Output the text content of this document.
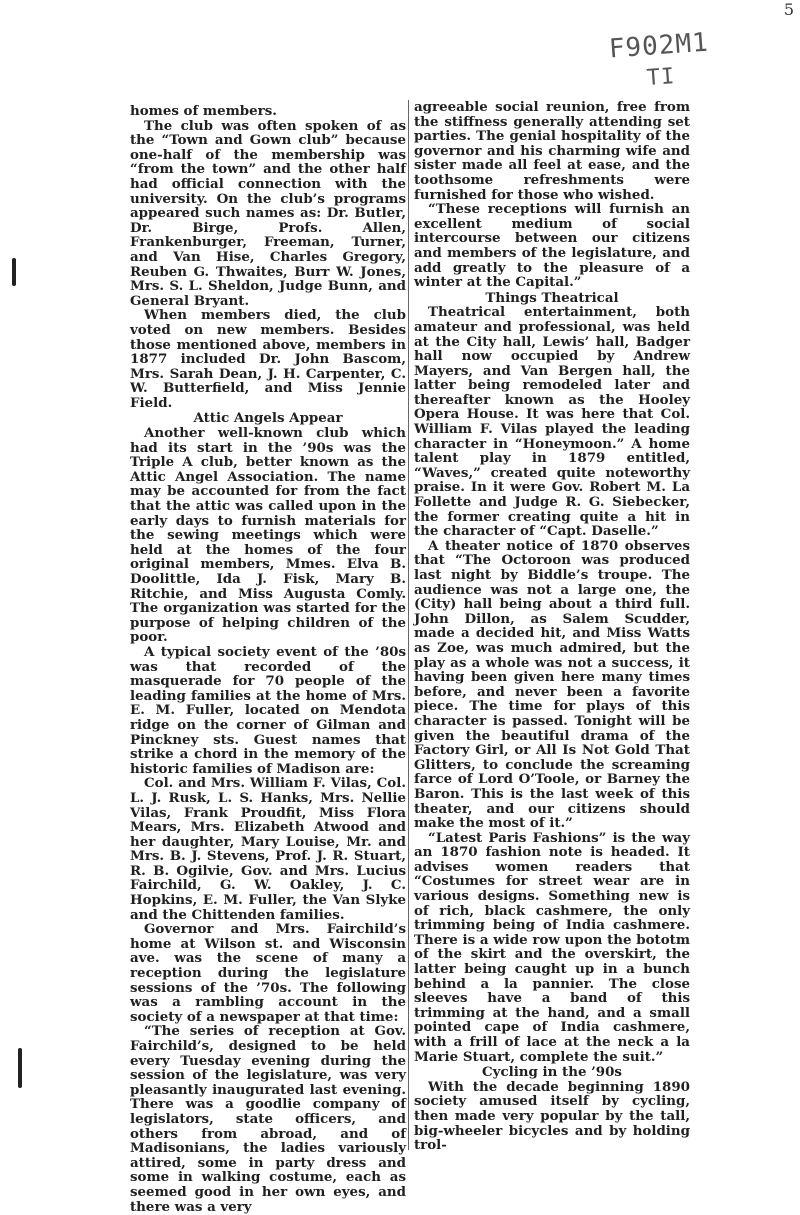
F902M1
TI
5

homes of members.

The club was often spoken of as the “Town and Gown club” because one-half of the membership was “from the town” and the other half had official connection with the university. On the club’s programs appeared such names as: Dr. Butler, Dr. Birge, Profs. Allen, Frankenburger, Freeman, Turner, and Van Hise, Charles Gregory, Reuben G. Thwaites, Burr W. Jones, Mrs. S. L. Sheldon, Judge Bunn, and General Bryant.

When members died, the club voted on new members. Besides those mentioned above, members in 1877 included Dr. John Bascom, Mrs. Sarah Dean, J. H. Carpenter, C. W. Butterfield, and Miss Jennie Field.

Attic Angels Appear

Another well-known club which had its start in the ’90s was the Triple A club, better known as the Attic Angel Association. The name may be accounted for from the fact that the attic was called upon in the early days to furnish materials for the sewing meetings which were held at the homes of the four original members, Mmes. Elva B. Doolittle, Ida J. Fisk, Mary B. Ritchie, and Miss Augusta Comly. The organization was started for the purpose of helping children of the poor.

A typical society event of the ’80s was that recorded of the masquerade for 70 people of the leading families at the home of Mrs. E. M. Fuller, located on Mendota ridge on the corner of Gilman and Pinckney sts. Guest names that strike a chord in the memory of the historic families of Madison are:

Col. and Mrs. William F. Vilas, Col. L. J. Rusk, L. S. Hanks, Mrs. Nellie Vilas, Frank Proudfit, Miss Flora Mears, Mrs. Elizabeth Atwood and her daughter, Mary Louise, Mr. and Mrs. B. J. Stevens, Prof. J. R. Stuart, R. B. Ogilvie, Gov. and Mrs. Lucius Fairchild, G. W. Oakley, J. C. Hopkins, E. M. Fuller, the Van Slyke and the Chittenden families.

Governor and Mrs. Fairchild’s home at Wilson st. and Wisconsin ave. was the scene of many a reception during the legislature sessions of the ’70s. The following was a rambling account in the society of a newspaper at that time:

“The series of reception at Gov. Fairchild’s, designed to be held every Tuesday evening during the session of the legislature, was very pleasantly inaugurated last evening. There was a goodlie company of legislators, state officers, and others from abroad, and of Madisonians, the ladies variously attired, some in party dress and some in walking costume, each as seemed good in her own eyes, and there was a very

agreeable social reunion, free from the stiffness generally attending set parties. The genial hospitality of the governor and his charming wife and sister made all feel at ease, and the toothsome refreshments were furnished for those who wished.

“These receptions will furnish an excellent medium of social intercourse between our citizens and members of the legislature, and add greatly to the pleasure of a winter at the Capital.”

Things Theatrical

Theatrical entertainment, both amateur and professional, was held at the City hall, Lewis’ hall, Badger hall now occupied by Andrew Mayers, and Van Bergen hall, the latter being remodeled later and thereafter known as the Hooley Opera House. It was here that Col. William F. Vilas played the leading character in “Honeymoon.” A home talent play in 1879 entitled, “Waves,” created quite noteworthy praise. In it were Gov. Robert M. La Follette and Judge R. G. Siebecker, the former creating quite a hit in the character of “Capt. Daselle.”

A theater notice of 1870 observes that “The Octoroon was produced last night by Biddle’s troupe. The audience was not a large one, the (City) hall being about a third full. John Dillon, as Salem Scudder, made a decided hit, and Miss Watts as Zoe, was much admired, but the play as a whole was not a success, it having been given here many times before, and never been a favorite piece. The time for plays of this character is passed. Tonight will be given the beautiful drama of the Factory Girl, or All Is Not Gold That Glitters, to conclude the screaming farce of Lord O’Toole, or Barney the Baron. This is the last week of this theater, and our citizens should make the most of it.”

“Latest Paris Fashions” is the way an 1870 fashion note is headed. It advises women readers that “Costumes for street wear are in various designs. Something new is of rich, black cashmere, the only trimming being of India cashmere. There is a wide row upon the bototm of the skirt and the overskirt, the latter being caught up in a bunch behind a la pannier. The close sleeves have a band of this trimming at the hand, and a small pointed cape of India cashmere, with a frill of lace at the neck a la Marie Stuart, complete the suit.”

Cycling in the ’90s

With the decade beginning 1890 society amused itself by cycling, then made very popular by the tall, big-wheeler bicycles and by holding trol-
